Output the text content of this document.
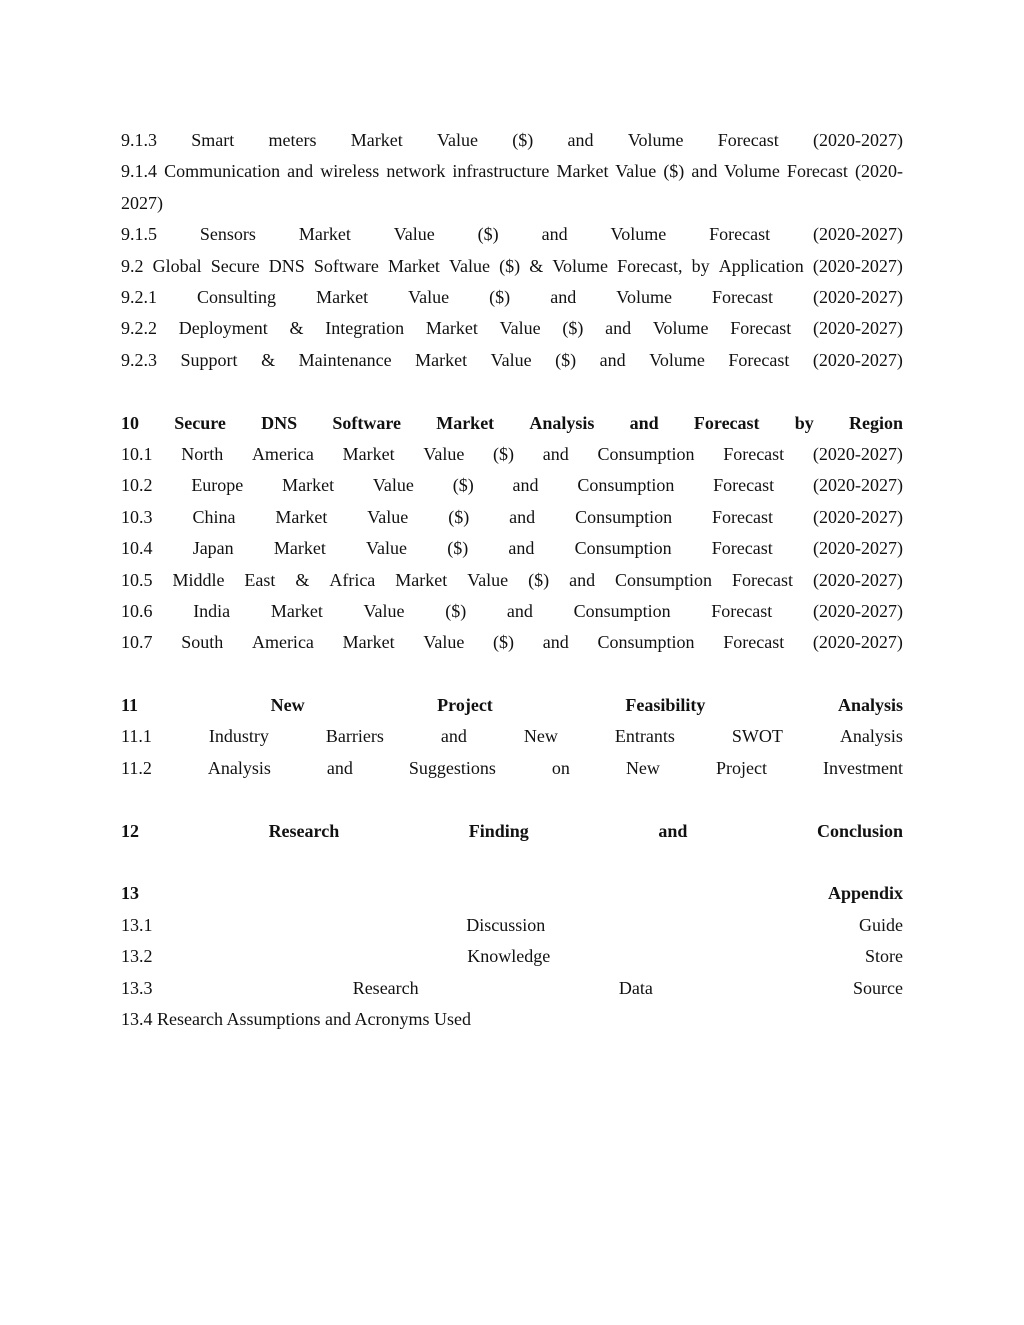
9.1.3 Smart meters Market Value ($) and Volume Forecast (2020-2027)
9.1.4 Communication and wireless network infrastructure Market Value ($) and Volume Forecast (2020-2027)
9.1.5 Sensors Market Value ($) and Volume Forecast (2020-2027)
9.2 Global Secure DNS Software Market Value ($) & Volume Forecast, by Application (2020-2027)
9.2.1 Consulting Market Value ($) and Volume Forecast (2020-2027)
9.2.2 Deployment & Integration Market Value ($) and Volume Forecast (2020-2027)
9.2.3 Support & Maintenance Market Value ($) and Volume Forecast (2020-2027)
10 Secure DNS Software Market Analysis and Forecast by Region
10.1 North America Market Value ($) and Consumption Forecast (2020-2027)
10.2 Europe Market Value ($) and Consumption Forecast (2020-2027)
10.3 China Market Value ($) and Consumption Forecast (2020-2027)
10.4 Japan Market Value ($) and Consumption Forecast (2020-2027)
10.5 Middle East & Africa Market Value ($) and Consumption Forecast (2020-2027)
10.6 India Market Value ($) and Consumption Forecast (2020-2027)
10.7 South America Market Value ($) and Consumption Forecast (2020-2027)
11	New	Project	Feasibility	Analysis
11.1	Industry	Barriers	and	New	Entrants	SWOT	Analysis
11.2	Analysis	and	Suggestions	on	New	Project	Investment
12	Research	Finding	and	Conclusion
13	Appendix
13.1	Discussion	Guide
13.2	Knowledge	Store
13.3	Research	Data	Source
13.4 Research Assumptions and Acronyms Used
